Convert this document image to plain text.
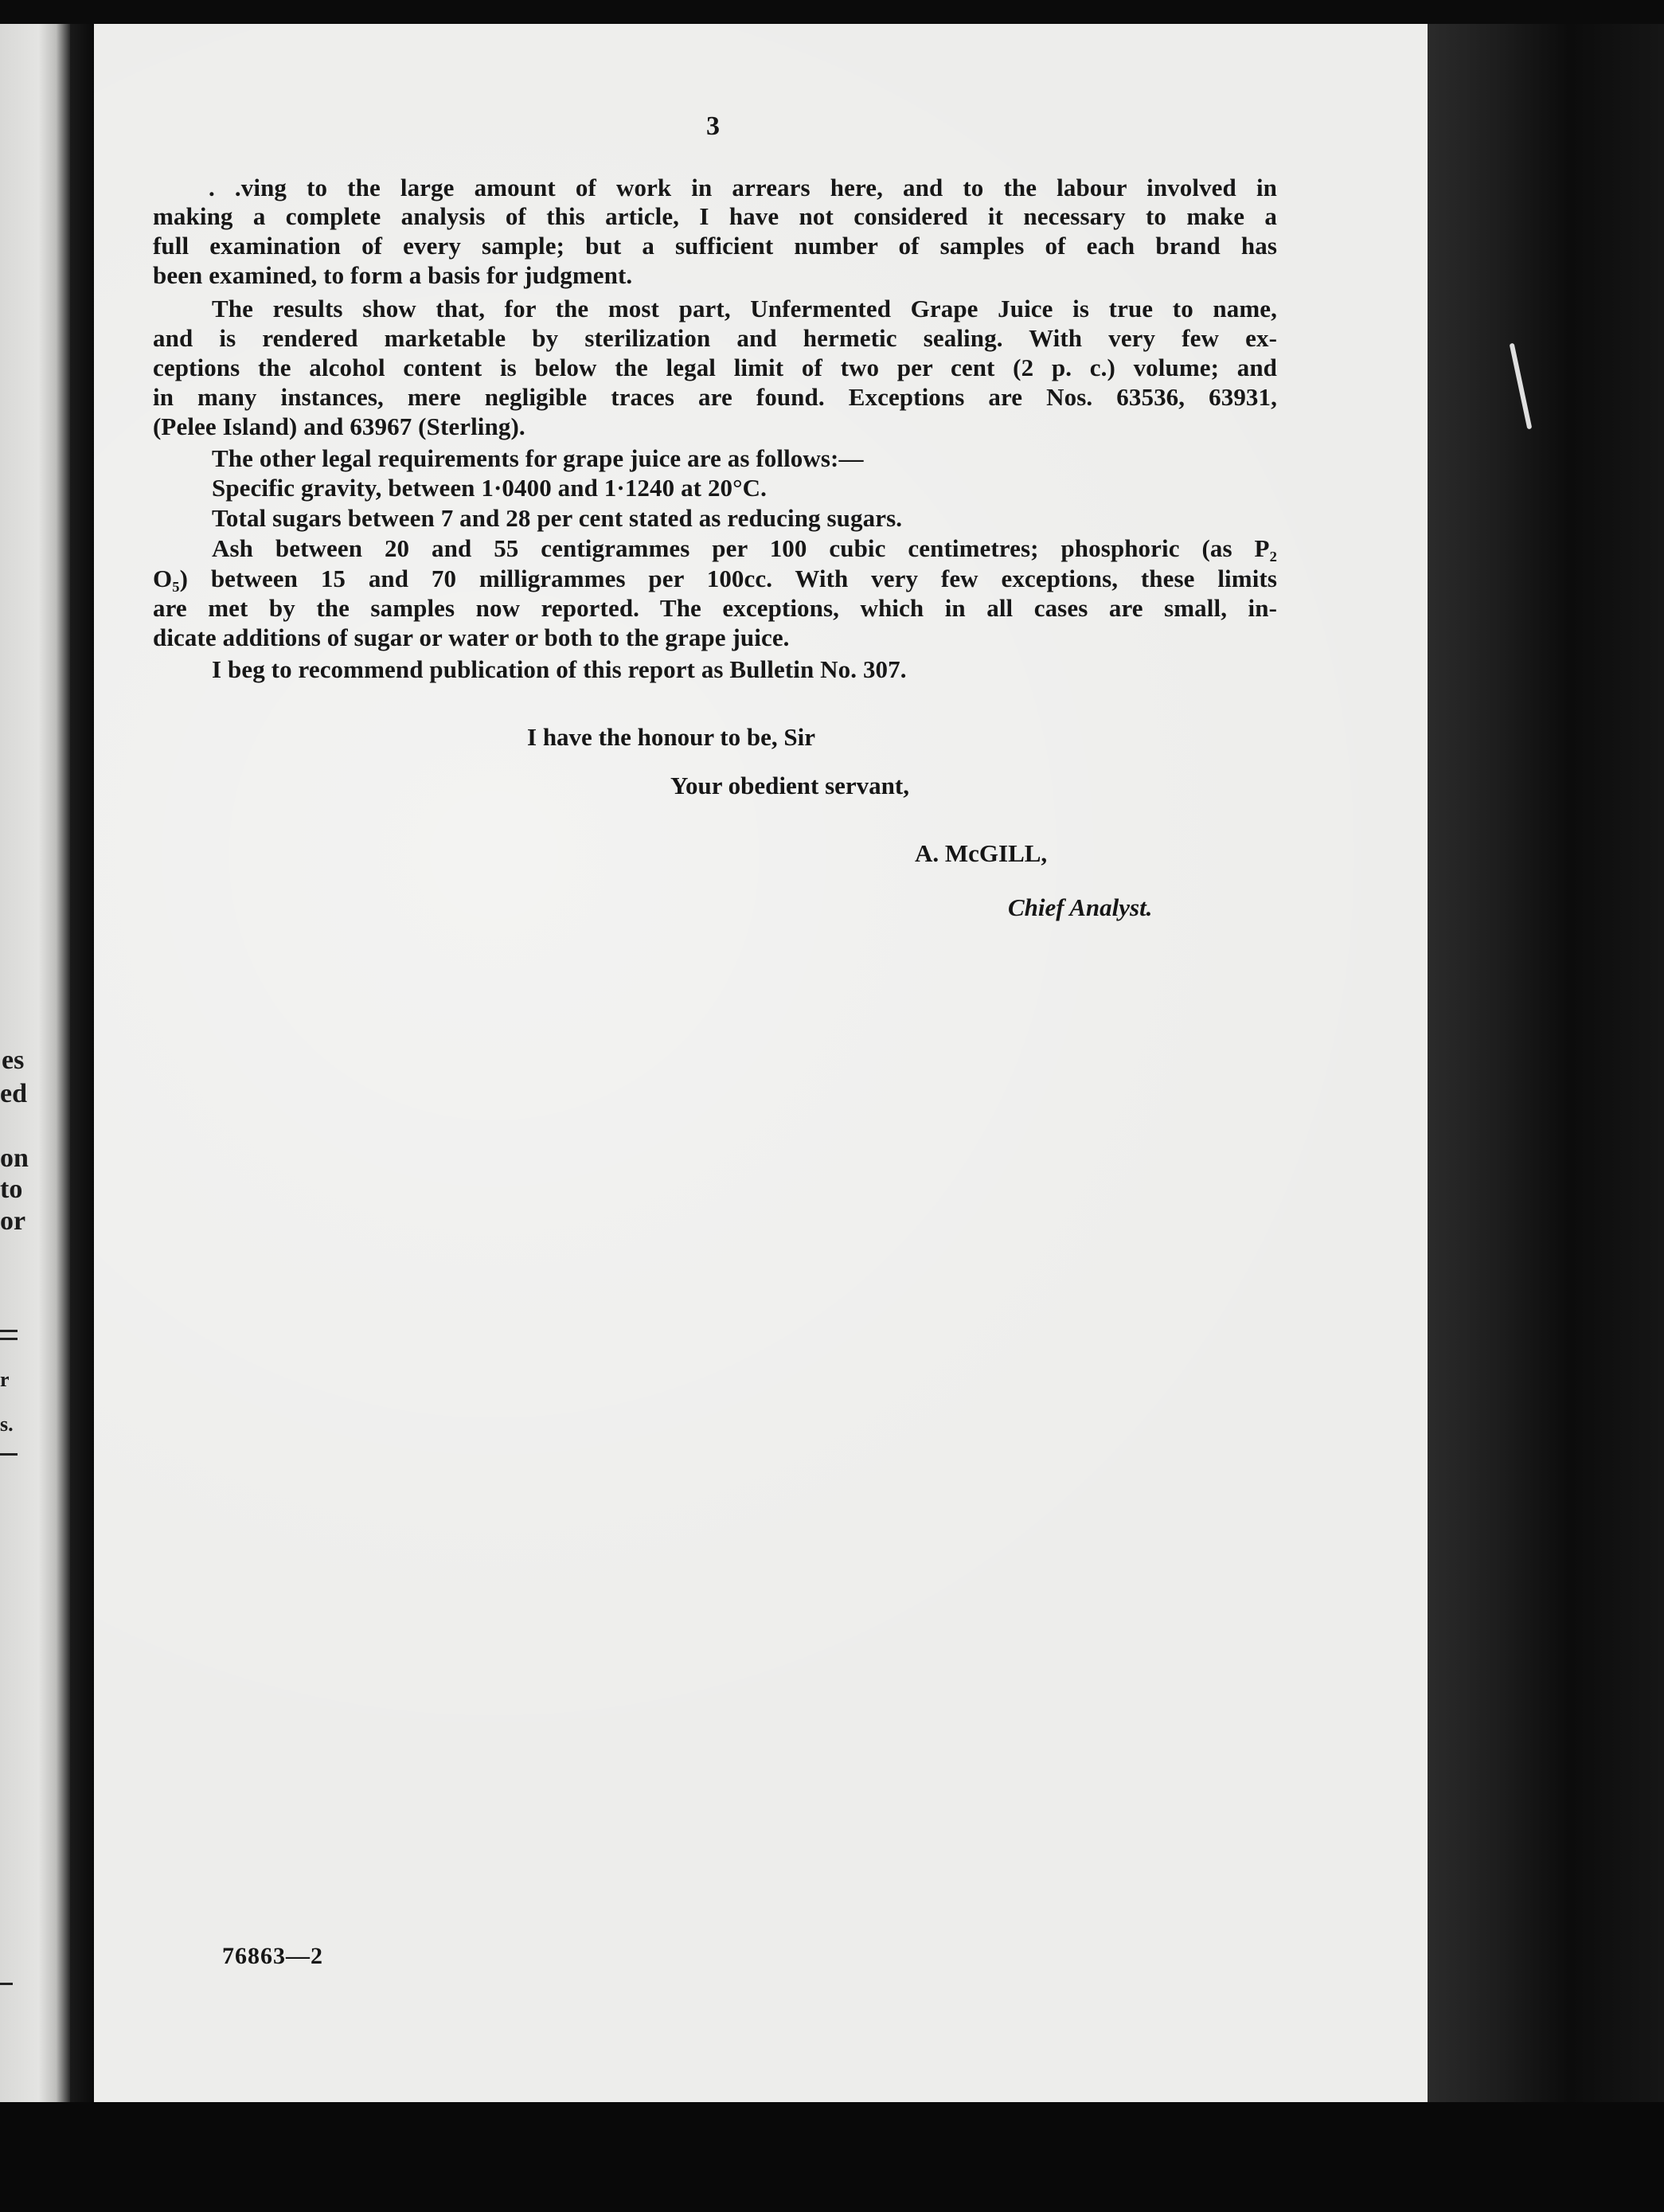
es
ed
on
to
or
r
s.
3
. .ving to the large amount of work in arrears here, and to the labour involved in
making a complete analysis of this article, I have not considered it necessary to make a
full examination of every sample; but a sufficient number of samples of each brand has
been examined, to form a basis for judgment.
The results show that, for the most part, Unfermented Grape Juice is true to name,
and is rendered marketable by sterilization and hermetic sealing. With very few ex-
ceptions the alcohol content is below the legal limit of two per cent (2 p. c.) volume; and
in many instances, mere negligible traces are found. Exceptions are Nos. 63536, 63931,
(Pelee Island) and 63967 (Sterling).
The other legal requirements for grape juice are as follows:—
Specific gravity, between 1·0400 and 1·1240 at 20°C.
Total sugars between 7 and 28 per cent stated as reducing sugars.
Ash between 20 and 55 centigrammes per 100 cubic centimetres; phosphoric (as P₂
O₅) between 15 and 70 milligrammes per 100cc. With very few exceptions, these limits
are met by the samples now reported. The exceptions, which in all cases are small, in-
dicate additions of sugar or water or both to the grape juice.
I beg to recommend publication of this report as Bulletin No. 307.
I have the honour to be, Sir
Your obedient servant,
A. McGILL,
Chief Analyst.
76863—2
